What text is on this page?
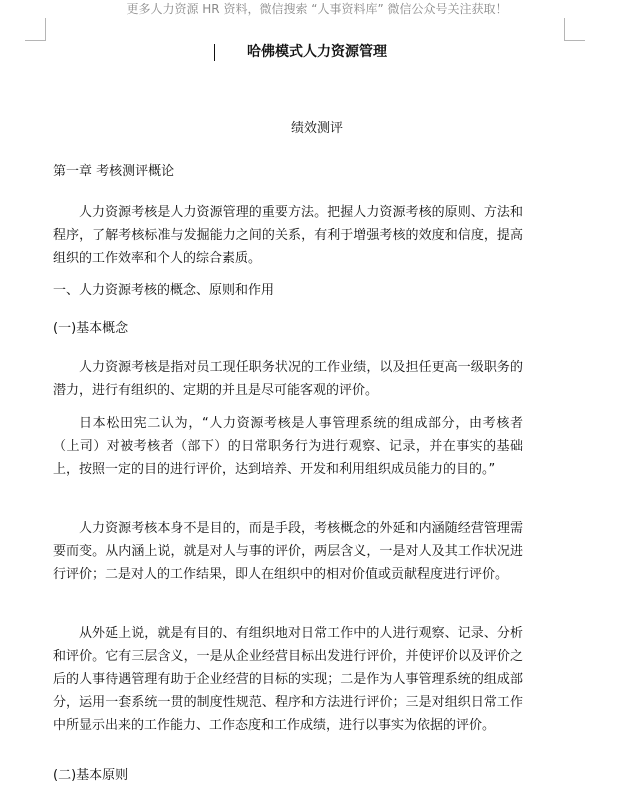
更多人力资源 HR 资料，微信搜索 “人事资料库” 微信公众号关注获取！
哈佛模式人力资源管理
绩效测评
第一章 考核测评概论

人力资源考核是人力资源管理的重要方法。把握人力资源考核的原则、方法和程序，了解考核标准与发掘能力之间的关系，有利于增强考核的效度和信度，提高组织的工作效率和个人的综合素质。

一、人力资源考核的概念、原则和作用
(一)基本概念

人力资源考核是指对员工现任职务状况的工作业绩，以及担任更高一级职务的潜力，进行有组织的、定期的并且是尽可能客观的评价。

日本松田宪二认为，“人力资源考核是人事管理系统的组成部分，由考核者（上司）对被考核者（部下）的日常职务行为进行观察、记录，并在事实的基础上，按照一定的目的进行评价，达到培养、开发和利用组织成员能力的目的。”

人力资源考核本身不是目的，而是手段，考核概念的外延和内涵随经营管理需要而变。从内涵上说，就是对人与事的评价，两层含义，一是对人及其工作状况进行评价；二是对人的工作结果，即人在组织中的相对价值或贡献程度进行评价。

从外延上说，就是有目的、有组织地对日常工作中的人进行观察、记录、分析和评价。它有三层含义，一是从企业经营目标出发进行评价，并使评价以及评价之后的人事待遇管理有助于企业经营的目标的实现；二是作为人事管理系统的组成部分，运用一套系统一贯的制度性规范、程序和方法进行评价；三是对组织日常工作中所显示出来的工作能力、工作态度和工作成绩，进行以事实为依据的评价。

(二)基本原则
